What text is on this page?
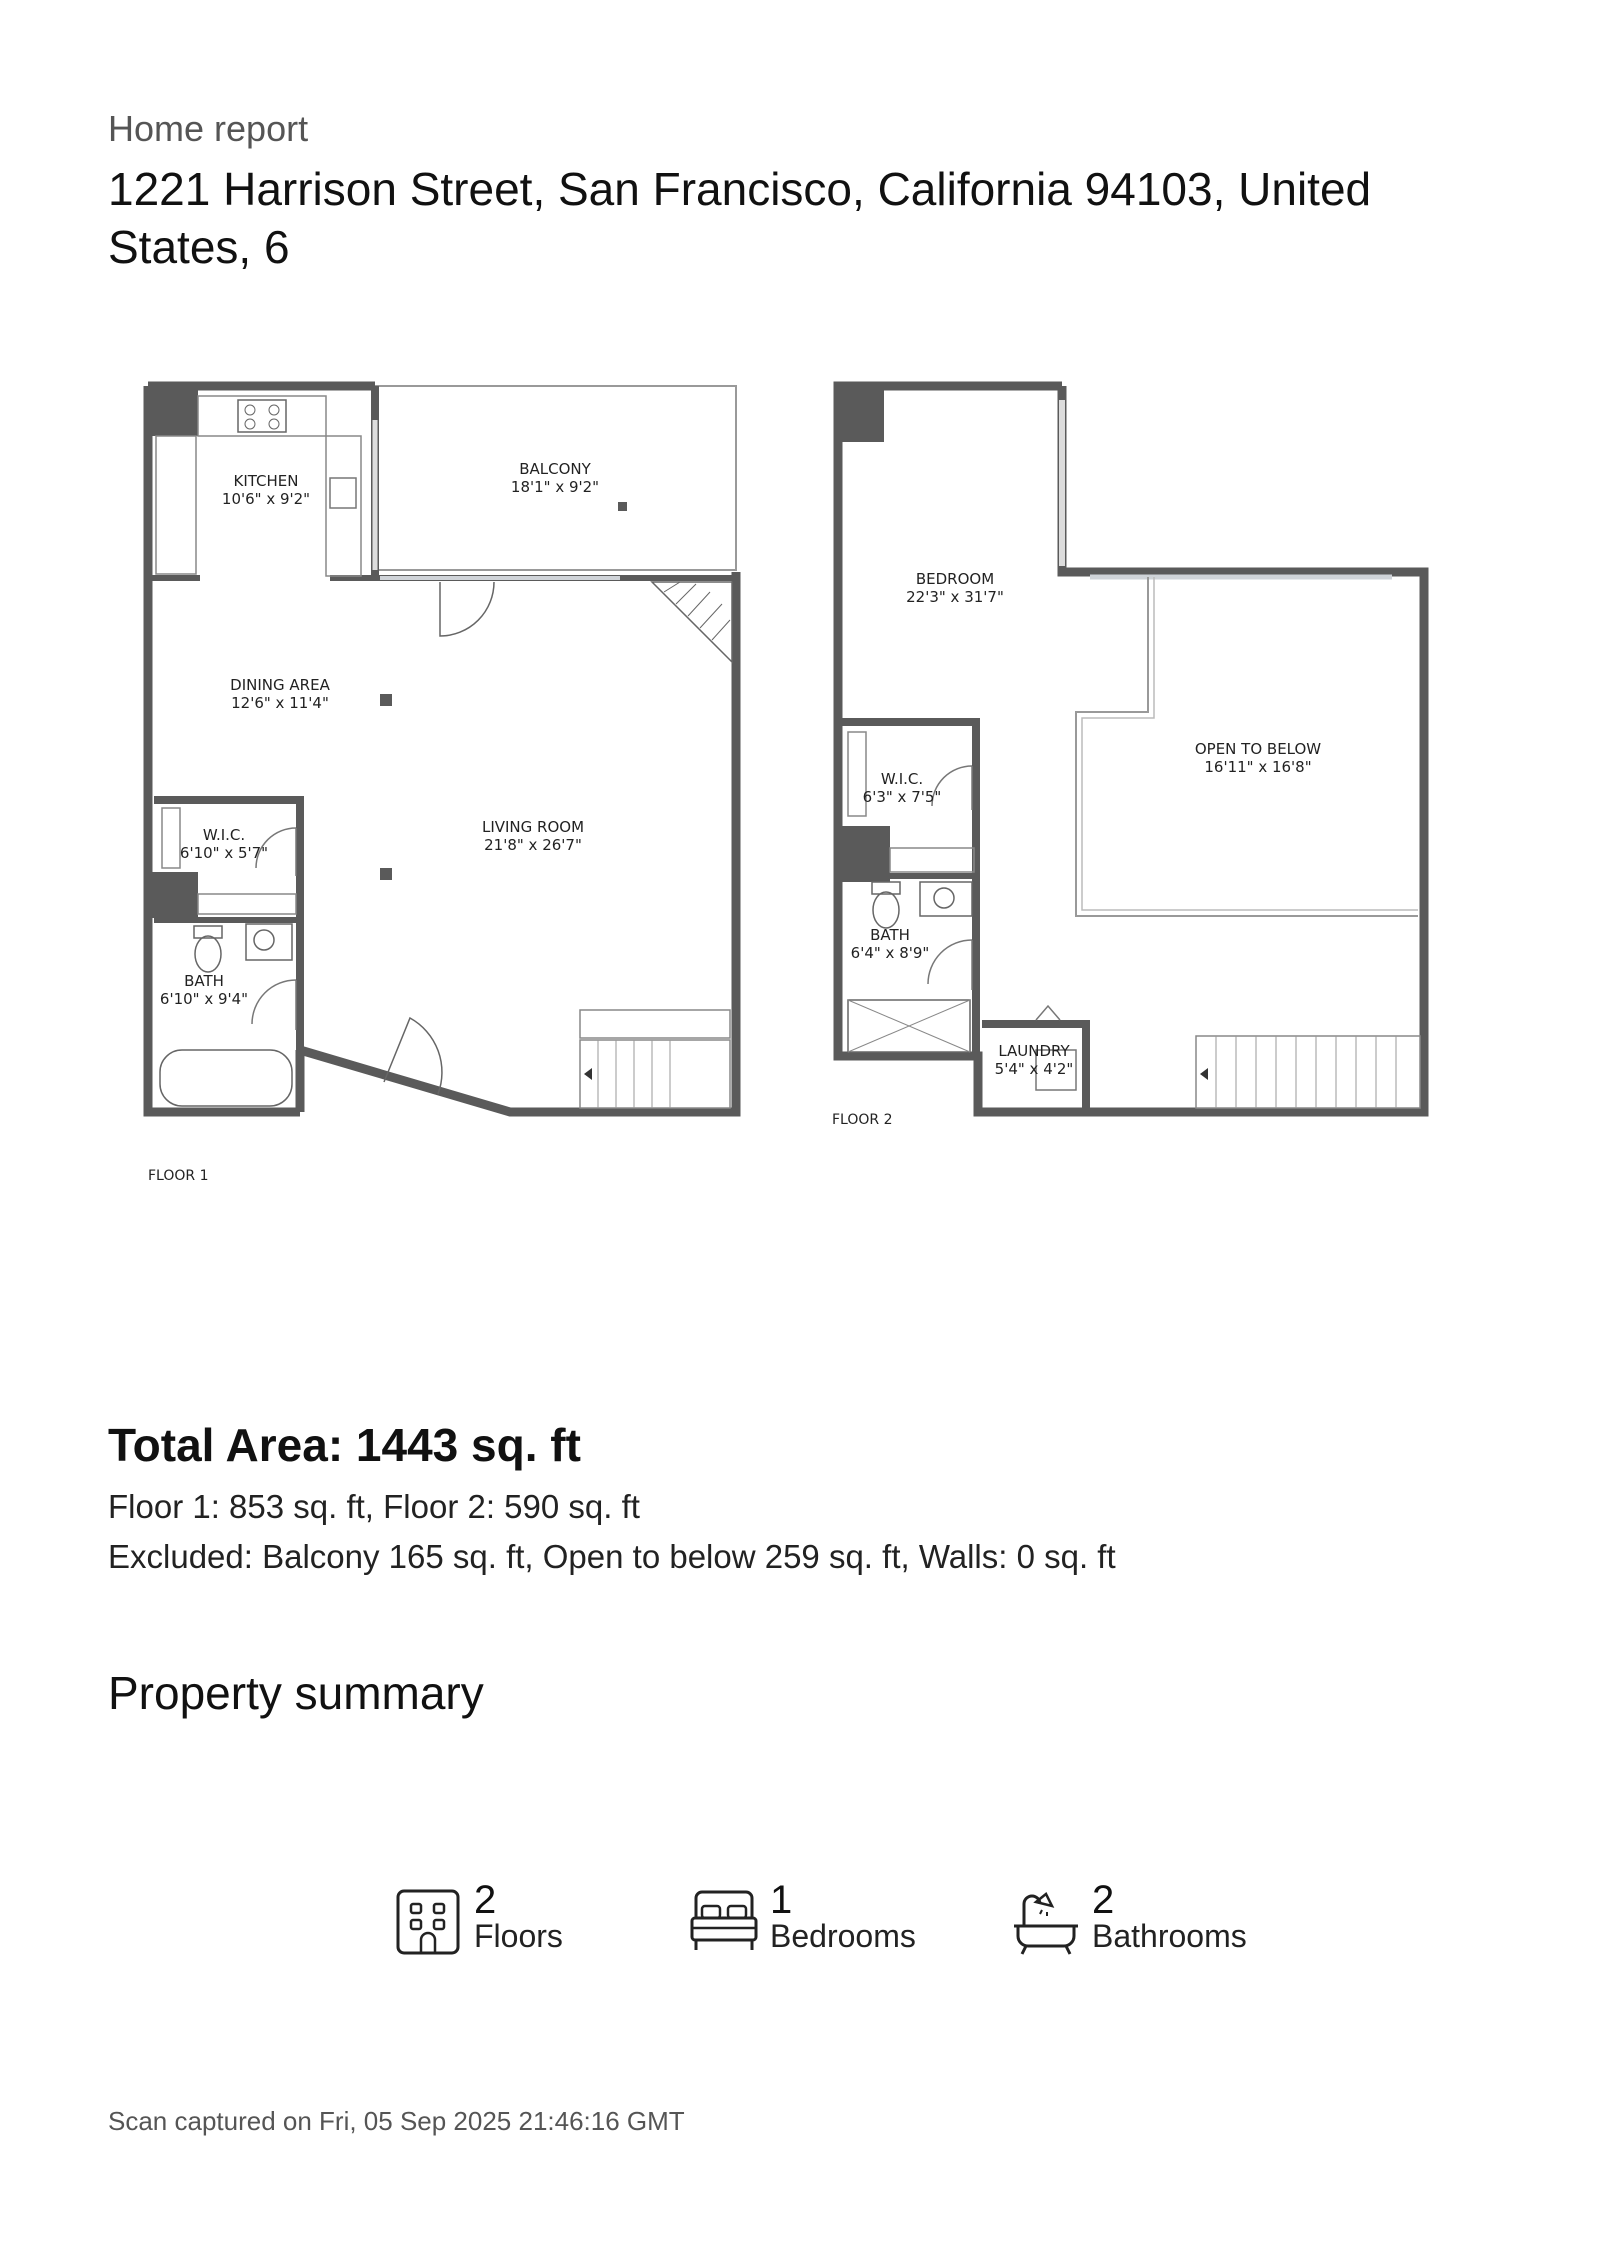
Home report
1221 Harrison Street, San Francisco, California 94103, United States, 6
KITCHEN
10'6" x 9'2"
BALCONY
18'1" x 9'2"
DINING AREA
12'6" x 11'4"
LIVING ROOM
21'8" x 26'7"
W.I.C.
6'10" x 5'7"
BATH
6'10" x 9'4"
FLOOR 1
BEDROOM
22'3" x 31'7"
OPEN TO BELOW
16'11" x 16'8"
W.I.C.
6'3" x 7'5"
BATH
6'4" x 8'9"
LAUNDRY
5'4" x 4'2"
FLOOR 2
Total Area: 1443 sq. ft
Floor 1: 853 sq. ft, Floor 2: 590 sq. ft
Excluded: Balcony 165 sq. ft, Open to below 259 sq. ft, Walls: 0 sq. ft
Property summary
2
Floors
1
Bedrooms
2
Bathrooms
Scan captured on Fri, 05 Sep 2025 21:46:16 GMT
